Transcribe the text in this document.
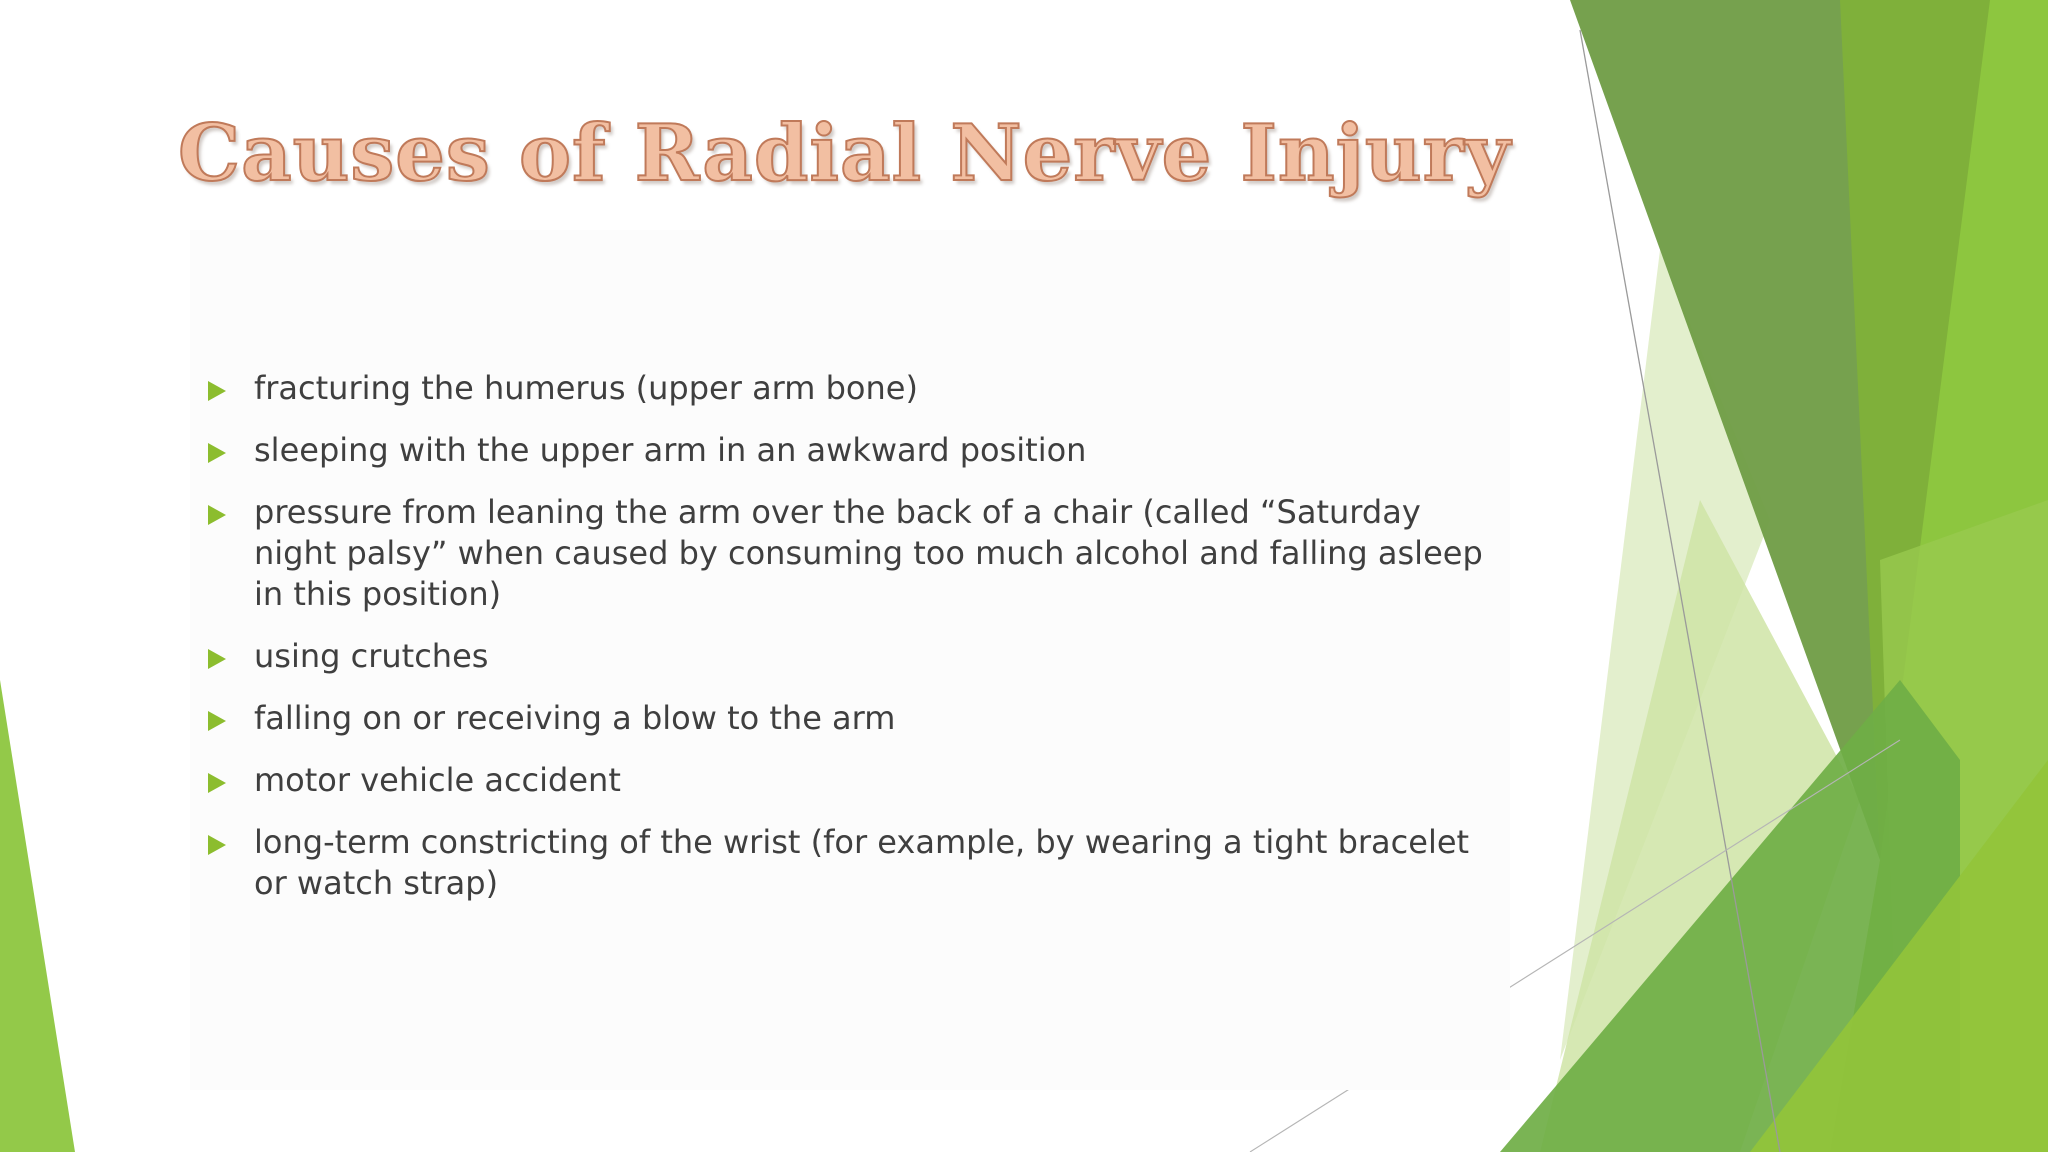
Causes of Radial Nerve Injury
fracturing the humerus (upper arm bone)
sleeping with the upper arm in an awkward position
pressure from leaning the arm over the back of a chair (called “Saturday night palsy” when caused by consuming too much alcohol and falling asleep in this position)
using crutches
falling on or receiving a blow to the arm
motor vehicle accident
long-term constricting of the wrist (for example, by wearing a tight bracelet or watch strap)
